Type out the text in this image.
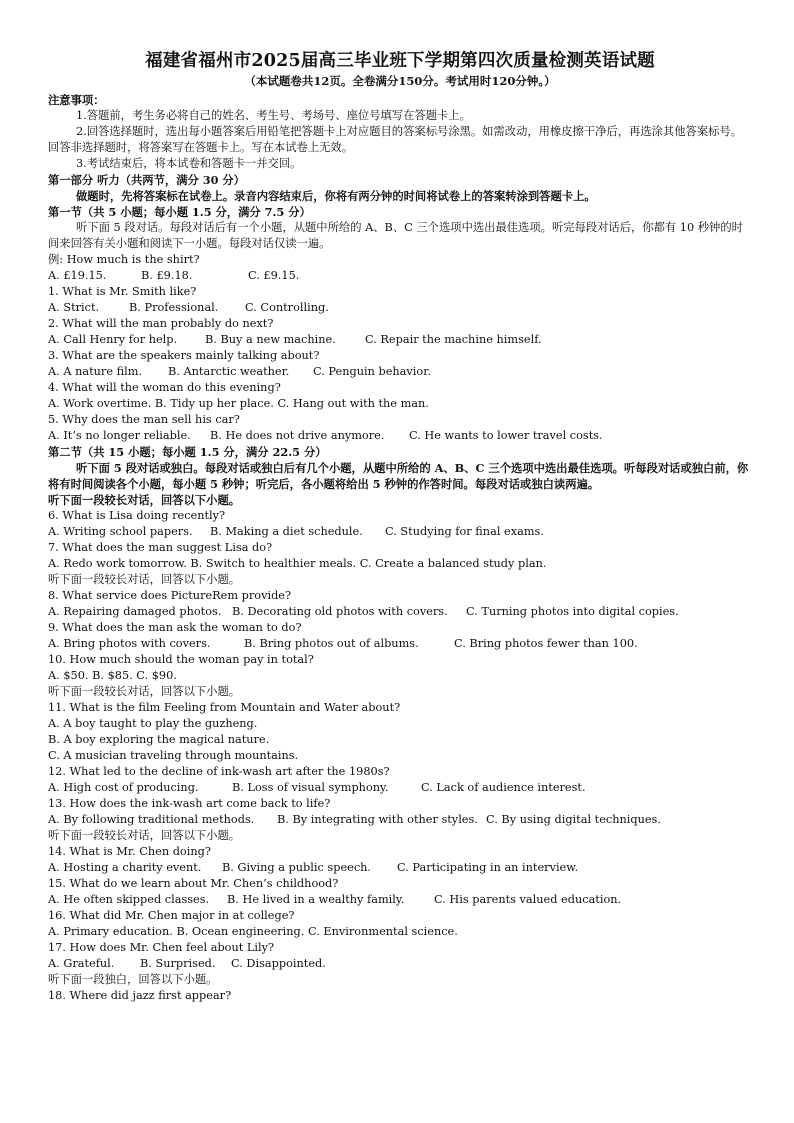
福建省福州市2025届高三毕业班下学期第四次质量检测英语试题
（本试题卷共12页。全卷满分150分。考试用时120分钟。）
注意事项：
1.答题前，考生务必将自己的姓名、考生号、考场号、座位号填写在答题卡上。
2.回答选择题时，选出每小题答案后用铅笔把答题卡上对应题目的答案标号涂黑。如需改动，用橡皮擦干净后，再选涂其他答案标号。回答非选择题时，将答案写在答题卡上。写在本试卷上无效。
3.考试结束后，将本试卷和答题卡一并交回。
第一部分 听力（共两节，满分 30 分）
做题时，先将答案标在试卷上。录音内容结束后，你将有两分钟的时间将试卷上的答案转涂到答题卡上。
第一节（共 5 小题；每小题 1.5 分，满分 7.5 分）
听下面 5 段对话。每段对话后有一个小题，从题中所给的 A、B、C 三个选项中选出最佳选项。听完每段对话后，你都有 10 秒钟的时间来回答有关小题和阅读下一小题。每段对话仅读一遍。
例: How much is the shirt?
A. £19.15.	B. £9.18.	C. £9.15.
1. What is Mr. Smith like?
A. Strict.	B. Professional.	C. Controlling.
2. What will the man probably do next?
A. Call Henry for help.	B. Buy a new machine.	C. Repair the machine himself.
3. What are the speakers mainly talking about?
A. A nature film.	B. Antarctic weather.	C. Penguin behavior.
4. What will the woman do this evening?
A. Work overtime. B. Tidy up her place. C. Hang out with the man.
5. Why does the man sell his car?
A. It’s no longer reliable.	B. He does not drive anymore.	C. He wants to lower travel costs.
第二节（共 15 小题；每小题 1.5 分，满分 22.5 分）
听下面 5 段对话或独白。每段对话或独白后有几个小题，从题中所给的 A、B、C 三个选项中选出最佳选项。听每段对话或独白前，你将有时间阅读各个小题，每小题 5 秒钟；听完后，各小题将给出 5 秒钟的作答时间。每段对话或独白读两遍。
听下面一段较长对话，回答以下小题。
6. What is Lisa doing recently?
A. Writing school papers.	B. Making a diet schedule.	C. Studying for final exams.
7. What does the man suggest Lisa do?
A. Redo work tomorrow. B. Switch to healthier meals. C. Create a balanced study plan.
听下面一段较长对话，回答以下小题。
8. What service does PictureRem provide?
A. Repairing damaged photos. B. Decorating old photos with covers.	C. Turning photos into digital copies.
9. What does the man ask the woman to do?
A. Bring photos with covers.	B. Bring photos out of albums.	C. Bring photos fewer than 100.
10. How much should the woman pay in total?
A. $50. B. $85. C. $90.
听下面一段较长对话，回答以下小题。
11. What is the film Feeling from Mountain and Water about?
A. A boy taught to play the guzheng.
B. A boy exploring the magical nature.
C. A musician traveling through mountains.
12. What led to the decline of ink-wash art after the 1980s?
A. High cost of producing.	B. Loss of visual symphony.	C. Lack of audience interest.
13. How does the ink-wash art come back to life?
A. By following traditional methods.	B. By integrating with other styles. C. By using digital techniques.
听下面一段较长对话，回答以下小题。
14. What is Mr. Chen doing?
A. Hosting a charity event.	B. Giving a public speech.	C. Participating in an interview.
15. What do we learn about Mr. Chen’s childhood?
A. He often skipped classes.	B. He lived in a wealthy family.	C. His parents valued education.
16. What did Mr. Chen major in at college?
A. Primary education. B. Ocean engineering. C. Environmental science.
17. How does Mr. Chen feel about Lily?
A. Grateful.	B. Surprised.	C. Disappointed.
听下面一段独白，回答以下小题。
18. Where did jazz first appear?
